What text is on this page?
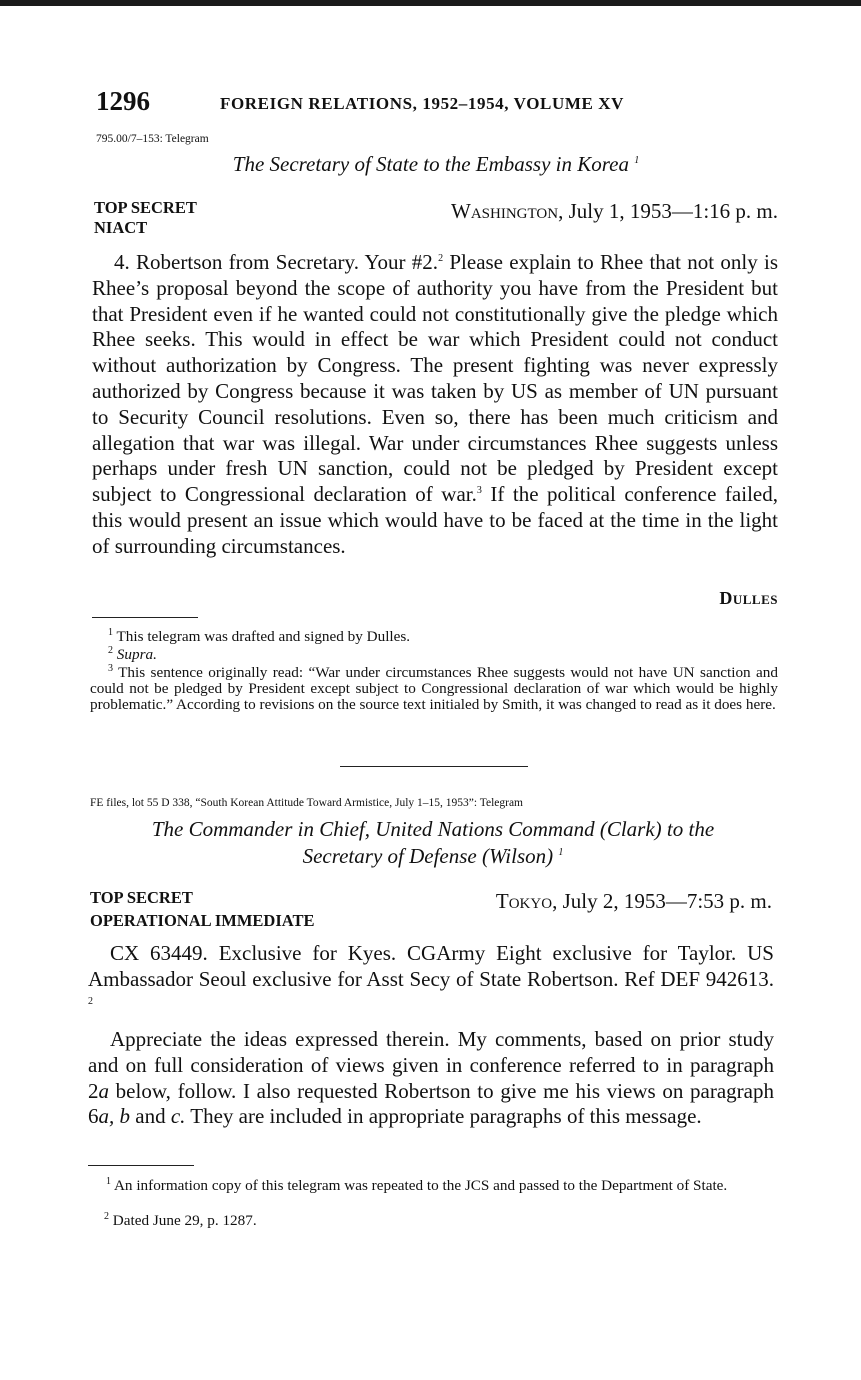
1296	FOREIGN RELATIONS, 1952–1954, VOLUME XV
795.00/7–153: Telegram
The Secretary of State to the Embassy in Korea $^1$
TOP SECRET
NIACT
Washington, July 1, 1953—1:16 p. m.
4. Robertson from Secretary. Your #2.$^2$ Please explain to Rhee that not only is Rhee’s proposal beyond the scope of authority you have from the President but that President even if he wanted could not constitutionally give the pledge which Rhee seeks. This would in effect be war which President could not conduct without authorization by Congress. The present fighting was never expressly authorized by Congress because it was taken by US as member of UN pursuant to Security Council resolutions. Even so, there has been much criticism and allegation that war was illegal. War under circumstances Rhee suggests unless perhaps under fresh UN sanction, could not be pledged by President except subject to Congressional declaration of war.$^3$ If the political conference failed, this would present an issue which would have to be faced at the time in the light of surrounding circumstances.
Dulles
$^1$ This telegram was drafted and signed by Dulles.
$^2$ Supra.
$^3$ This sentence originally read: “War under circumstances Rhee suggests would not have UN sanction and could not be pledged by President except subject to Congressional declaration of war which would be highly problematic.” According to revisions on the source text initialed by Smith, it was changed to read as it does here.
FE files, lot 55 D 338, “South Korean Attitude Toward Armistice, July 1–15, 1953”: Telegram
The Commander in Chief, United Nations Command (Clark) to the
Secretary of Defense (Wilson) $^1$
TOP SECRET
OPERATIONAL IMMEDIATE
Tokyo, July 2, 1953—7:53 p. m.
CX 63449. Exclusive for Kyes. CGArmy Eight exclusive for Taylor. US Ambassador Seoul exclusive for Asst Secy of State Robertson. Ref DEF 942613. $^2$
Appreciate the ideas expressed therein. My comments, based on prior study and on full consideration of views given in conference referred to in paragraph 2a below, follow. I also requested Robertson to give me his views on paragraph 6a, b and c. They are included in appropriate paragraphs of this message.
$^1$ An information copy of this telegram was repeated to the JCS and passed to the Department of State.
$^2$ Dated June 29, p. 1287.
